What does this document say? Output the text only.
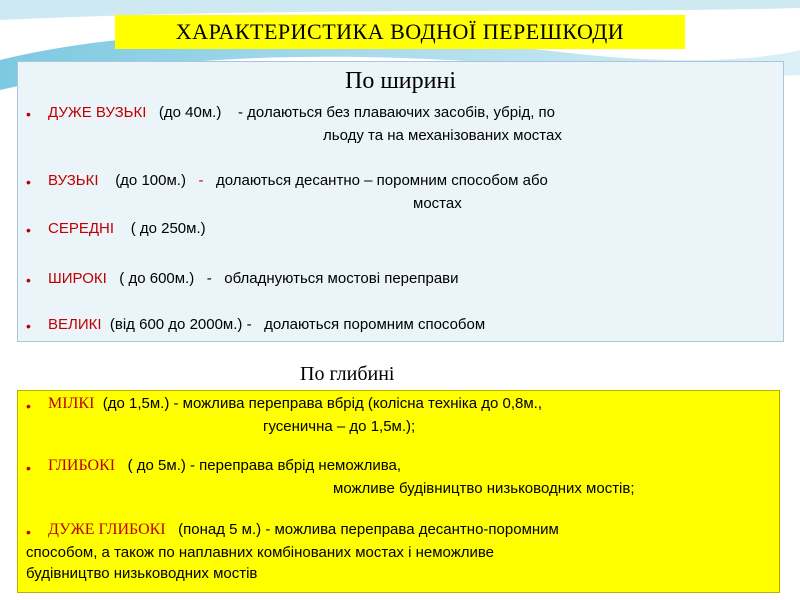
ХАРАКТЕРИСТИКА ВОДНОЇ ПЕРЕШКОДИ
По ширині
• ДУЖЕ ВУЗЬКІ (до 40м.) - долаються без плаваючих засобів, убрід, по
льоду та на механізованих мостах
• ВУЗЬКІ (до 100м.) - долаються десантно – поромним способом або
мостах
• СЕРЕДНІ ( до 250м.)
• ШИРОКІ ( до 600м.) - обладнуються мостові переправи
• ВЕЛИКІ (від 600 до 2000м.) - долаються поромним способом
По глибині
• МІЛКІ (до 1,5м.) - можлива переправа вбрід (колісна техніка до 0,8м.,
гусенична – до 1,5м.);
• ГЛИБОКІ ( до 5м.) - переправа вбрід неможлива,
можливе будівництво низьководних мостів;
• ДУЖЕ ГЛИБОКІ (понад 5 м.) - можлива переправа десантно-поромним
способом, а також по наплавних комбінованих мостах і неможливе
будівництво низьководних мостів
